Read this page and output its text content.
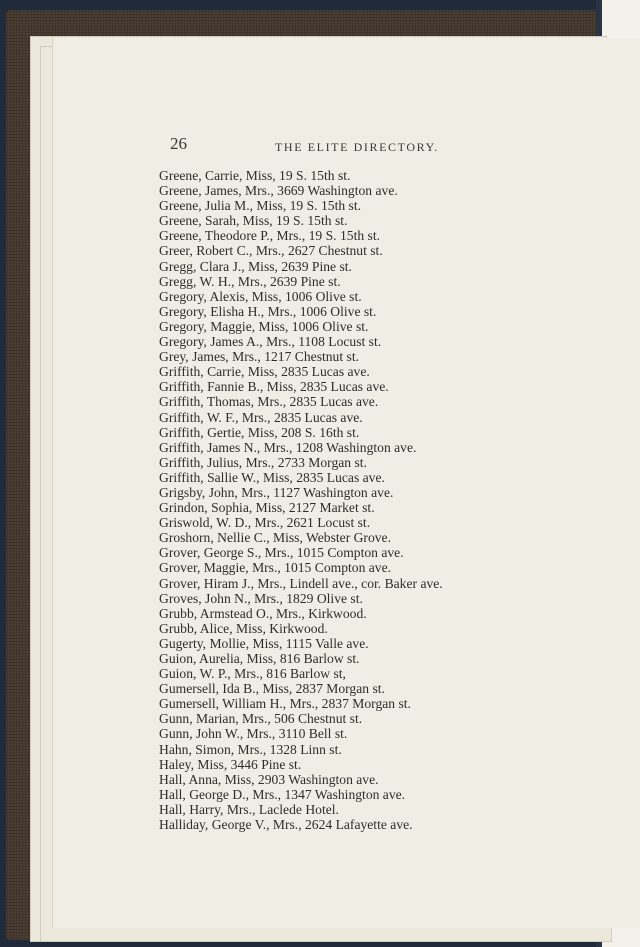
26	THE ELITE DIRECTORY.
Greene, Carrie, Miss, 19 S. 15th st.
Greene, James, Mrs., 3669 Washington ave.
Greene, Julia M., Miss, 19 S. 15th st.
Greene, Sarah, Miss, 19 S. 15th st.
Greene, Theodore P., Mrs., 19 S. 15th st.
Greer, Robert C., Mrs., 2627 Chestnut st.
Gregg, Clara J., Miss, 2639 Pine st.
Gregg, W. H., Mrs., 2639 Pine st.
Gregory, Alexis, Miss, 1006 Olive st.
Gregory, Elisha H., Mrs., 1006 Olive st.
Gregory, Maggie, Miss, 1006 Olive st.
Gregory, James A., Mrs., 1108 Locust st.
Grey, James, Mrs., 1217 Chestnut st.
Griffith, Carrie, Miss, 2835 Lucas ave.
Griffith, Fannie B., Miss, 2835 Lucas ave.
Griffith, Thomas, Mrs., 2835 Lucas ave.
Griffith, W. F., Mrs., 2835 Lucas ave.
Griffith, Gertie, Miss, 208 S. 16th st.
Griffith, James N., Mrs., 1208 Washington ave.
Griffith, Julius, Mrs., 2733 Morgan st.
Griffith, Sallie W., Miss, 2835 Lucas ave.
Grigsby, John, Mrs., 1127 Washington ave.
Grindon, Sophia, Miss, 2127 Market st.
Griswold, W. D., Mrs., 2621 Locust st.
Groshorn, Nellie C., Miss, Webster Grove.
Grover, George S., Mrs., 1015 Compton ave.
Grover, Maggie, Mrs., 1015 Compton ave.
Grover, Hiram J., Mrs., Lindell ave., cor. Baker ave.
Groves, John N., Mrs., 1829 Olive st.
Grubb, Armstead O., Mrs., Kirkwood.
Grubb, Alice, Miss, Kirkwood.
Gugerty, Mollie, Miss, 1115 Valle ave.
Guion, Aurelia, Miss, 816 Barlow st.
Guion, W. P., Mrs., 816 Barlow st,
Gumersell, Ida B., Miss, 2837 Morgan st.
Gumersell, William H., Mrs., 2837 Morgan st.
Gunn, Marian, Mrs., 506 Chestnut st.
Gunn, John W., Mrs., 3110 Bell st.
Hahn, Simon, Mrs., 1328 Linn st.
Haley, Miss, 3446 Pine st.
Hall, Anna, Miss, 2903 Washington ave.
Hall, George D., Mrs., 1347 Washington ave.
Hall, Harry, Mrs., Laclede Hotel.
Halliday, George V., Mrs., 2624 Lafayette ave.
